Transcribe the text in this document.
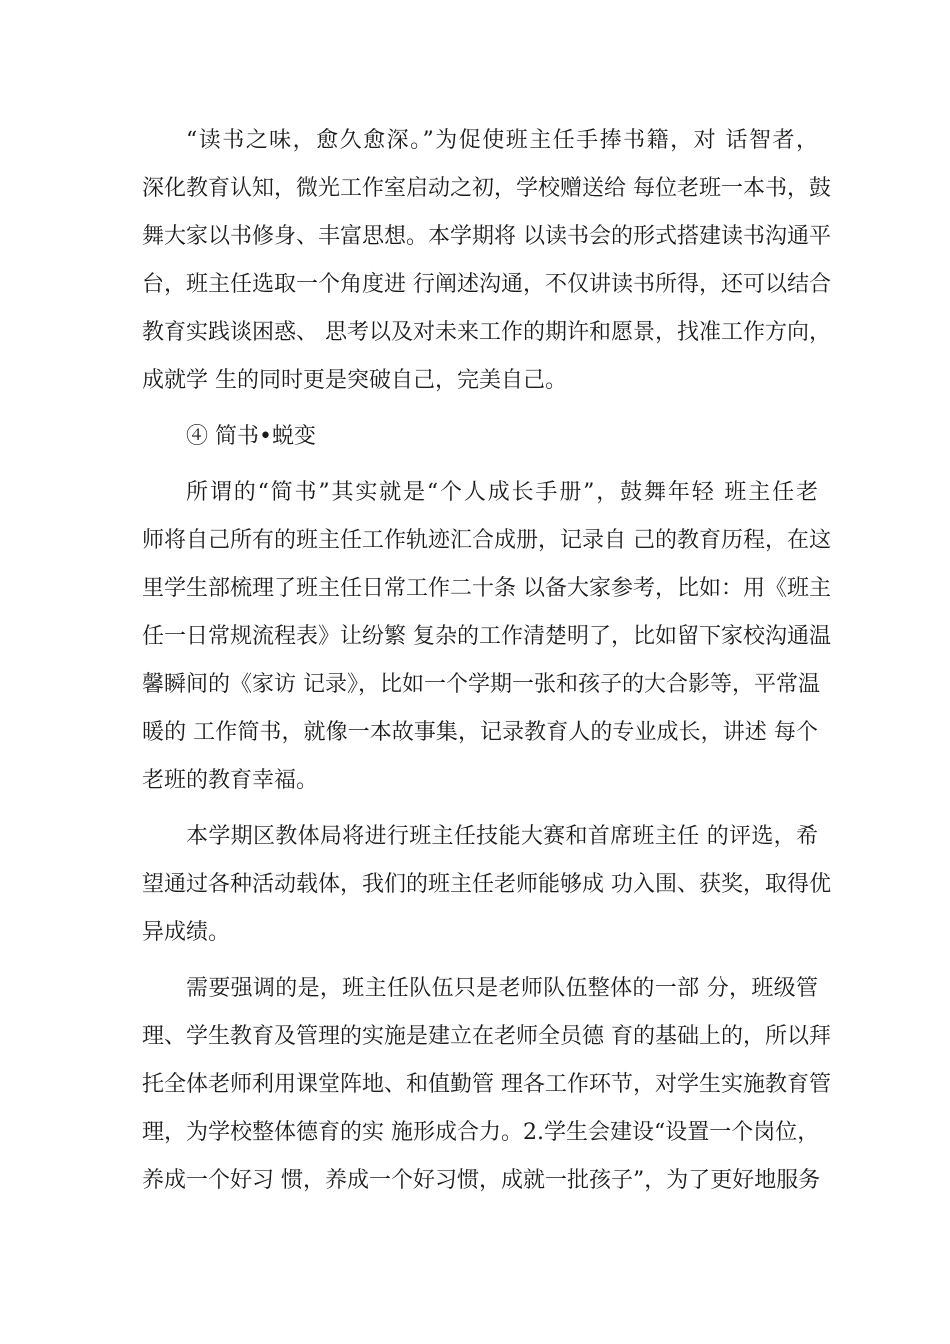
“读书之味，愈久愈深。”为促使班主任手捧书籍，对 话智者，
深化教育认知，微光工作室启动之初，学校赠送给 每位老班一本书，鼓
舞大家以书修身、丰富思想。本学期将 以读书会的形式搭建读书沟通平
台，班主任选取一个角度进 行阐述沟通，不仅讲读书所得，还可以结合
教育实践谈困惑、 思考以及对未来工作的期许和愿景，找准工作方向，
成就学 生的同时更是突破自己，完美自己。
④ 简书•蜕变
所谓的“简书”其实就是“个人成长手册”，鼓舞年轻 班主任老
师将自己所有的班主任工作轨迹汇合成册，记录自 己的教育历程，在这
里学生部梳理了班主任日常工作二十条 以备大家参考，比如：用《班主
任一日常规流程表》让纷繁 复杂的工作清楚明了，比如留下家校沟通温
馨瞬间的《家访 记录》，比如一个学期一张和孩子的大合影等，平常温
暖的 工作简书，就像一本故事集，记录教育人的专业成长，讲述 每个
老班的教育幸福。
本学期区教体局将进行班主任技能大赛和首席班主任 的评选，希
望通过各种活动载体，我们的班主任老师能够成 功入围、获奖，取得优
异成绩。
需要强调的是，班主任队伍只是老师队伍整体的一部 分，班级管
理、学生教育及管理的实施是建立在老师全员德 育的基础上的，所以拜
托全体老师利用课堂阵地、和值勤管 理各工作环节，对学生实施教育管
理，为学校整体德育的实 施形成合力。2.学生会建设“设置一个岗位，
养成一个好习 惯，养成一个好习惯，成就一批孩子”，为了更好地服务
